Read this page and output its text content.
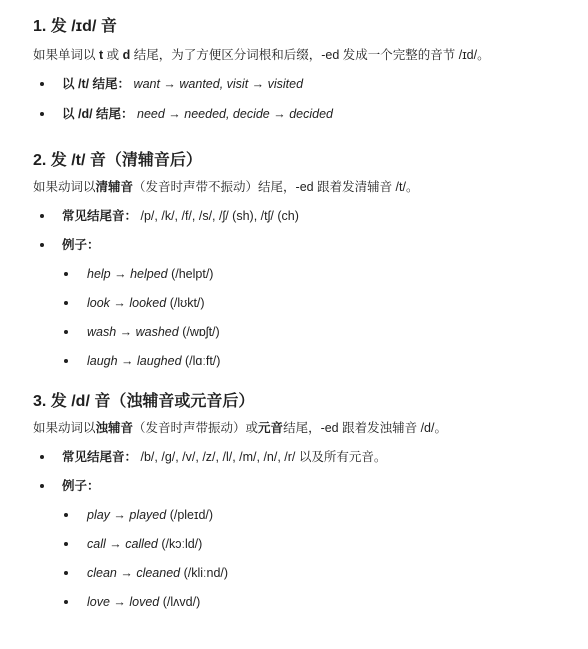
1. 发 /ɪd/ 音

如果单词以 t 或 d 结尾，为了方便区分词根和后缀，-ed 发成一个完整的音节 /ɪd/。

以 /t/ 结尾： want → wanted, visit → visited
以 /d/ 结尾： need → needed, decide → decided
2. 发 /t/ 音（清辅音后）

如果动词以清辅音（发音时声带不振动）结尾，-ed 跟着发清辅音 /t/。

常见结尾音： /p/, /k/, /f/, /s/, /ʃ/ (sh), /tʃ/ (ch)
例子：
help → helped (/helpt/)
look → looked (/lʊkt/)
wash → washed (/wɒʃt/)
laugh → laughed (/lɑːft/)
3. 发 /d/ 音（浊辅音或元音后）

如果动词以浊辅音（发音时声带振动）或元音结尾，-ed 跟着发浊辅音 /d/。

常见结尾音： /b/, /g/, /v/, /z/, /l/, /m/, /n/, /r/ 以及所有元音。
例子：
play → played (/pleɪd/)
call → called (/kɔːld/)
clean → cleaned (/kliːnd/)
love → loved (/lʌvd/)
